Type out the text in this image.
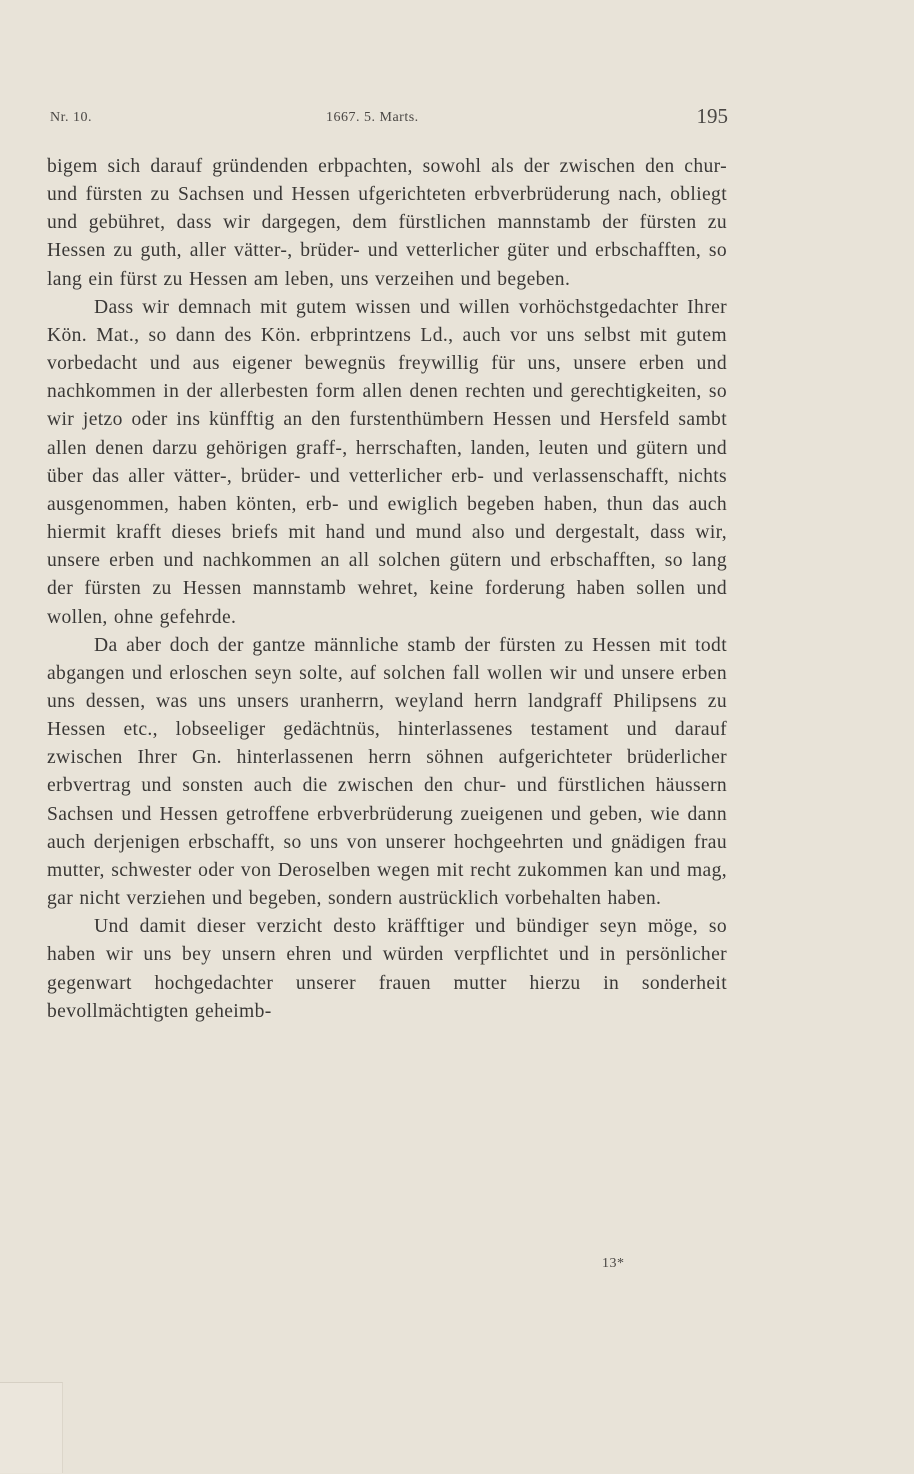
Nr. 10.	1667. 5. Marts.	195

bigem sich darauf gründenden erbpachten, sowohl als der zwischen den chur- und fürsten zu Sachsen und Hessen ufgerichteten erbverbrüderung nach, obliegt und gebühret, dass wir dargegen, dem fürstlichen mannstamb der fürsten zu Hessen zu guth, aller vätter-, brüder- und vetterlicher güter und erbschafften, so lang ein fürst zu Hessen am leben, uns verzeihen und begeben.

Dass wir demnach mit gutem wissen und willen vorhöchstgedachter Ihrer Kön. Mat., so dann des Kön. erbprintzens Ld., auch vor uns selbst mit gutem vorbedacht und aus eigener bewegnüs freywillig für uns, unsere erben und nachkommen in der allerbesten form allen denen rechten und gerechtigkeiten, so wir jetzo oder ins künfftig an den furstenthümbern Hessen und Hersfeld sambt allen denen darzu gehörigen graff-, herrschaften, landen, leuten und gütern und über das aller vätter-, brüder- und vetterlicher erb- und verlassenschafft, nichts ausgenommen, haben könten, erb- und ewiglich begeben haben, thun das auch hiermit krafft dieses briefs mit hand und mund also und dergestalt, dass wir, unsere erben und nachkommen an all solchen gütern und erbschafften, so lang der fürsten zu Hessen mannstamb wehret, keine forderung haben sollen und wollen, ohne gefehrde.

Da aber doch der gantze männliche stamb der fürsten zu Hessen mit todt abgangen und erloschen seyn solte, auf solchen fall wollen wir und unsere erben uns dessen, was uns unsers uranherrn, weyland herrn landgraff Philipsens zu Hessen etc., lobseeliger gedächtnüs, hinterlassenes testament und darauf zwischen Ihrer Gn. hinterlassenen herrn söhnen aufgerichteter brüderlicher erbvertrag und sonsten auch die zwischen den chur- und fürstlichen häussern Sachsen und Hessen getroffene erbverbrüderung zueigenen und geben, wie dann auch derjenigen erbschafft, so uns von unserer hochgeehrten und gnädigen frau mutter, schwester oder von Deroselben wegen mit recht zukommen kan und mag, gar nicht verziehen und begeben, sondern austrücklich vorbehalten haben.

Und damit dieser verzicht desto kräfftiger und bündiger seyn möge, so haben wir uns bey unsern ehren und würden verpflichtet und in persönlicher gegenwart hochgedachter unserer frauen mutter hierzu in sonderheit bevollmächtigten geheimb-

13*
